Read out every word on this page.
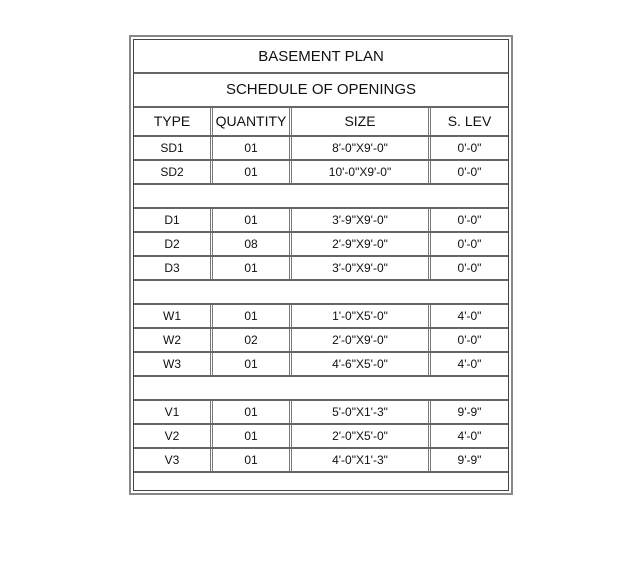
BASEMENT PLAN
SCHEDULE OF OPENINGS
TYPE	QUANTITY	SIZE	S. LEV
SD1	01	8'-0"X9'-0"	0'-0"
SD2	01	10'-0"X9'-0"	0'-0"
D1	01	3'-9"X9'-0"	0'-0"
D2	08	2'-9"X9'-0"	0'-0"
D3	01	3'-0"X9'-0"	0'-0"
W1	01	1'-0"X5'-0"	4'-0"
W2	02	2'-0"X9'-0"	0'-0"
W3	01	4'-6"X5'-0"	4'-0"
V1	01	5'-0"X1'-3"	9'-9"
V2	01	2'-0"X5'-0"	4'-0"
V3	01	4'-0"X1'-3"	9'-9"
